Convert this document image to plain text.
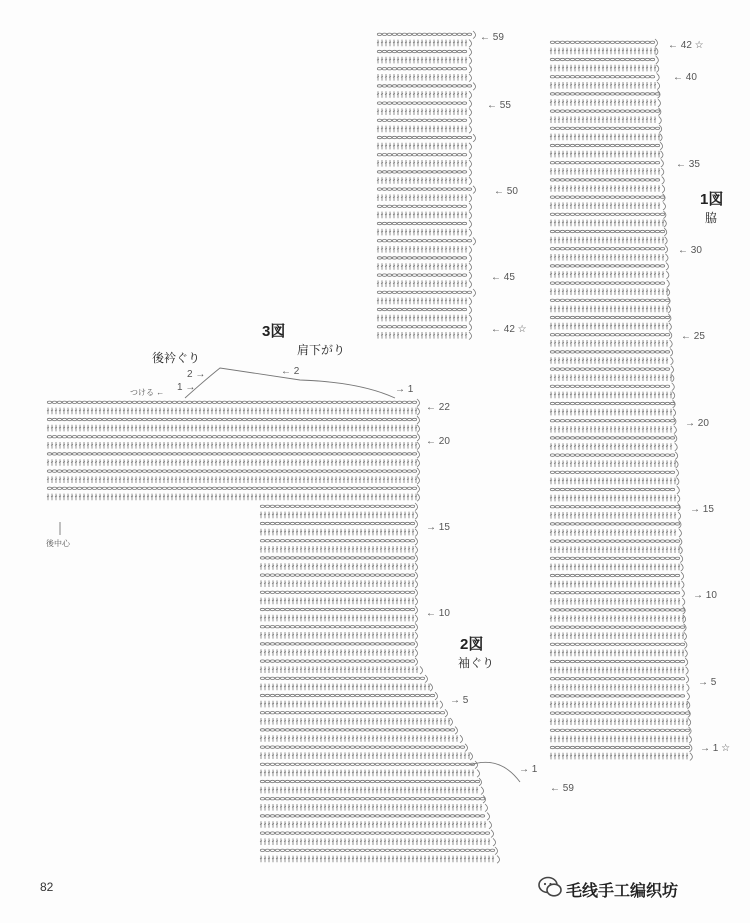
← 59
← 55
← 50
← 45
← 42 ☆
← 42 ☆
← 40
← 35
← 30
← 25
→ 20
→ 15
→ 10
→ 5
→ 1 ☆
1図
脇
← 22
← 20
→ 15
← 10
→ 5
→ 1
← 59
2図
袖ぐり
3図
肩下がり
後衿ぐり
つける ←
2 →
1 →
← 2
→ 1
後中心
82	毛线手工编织坊
